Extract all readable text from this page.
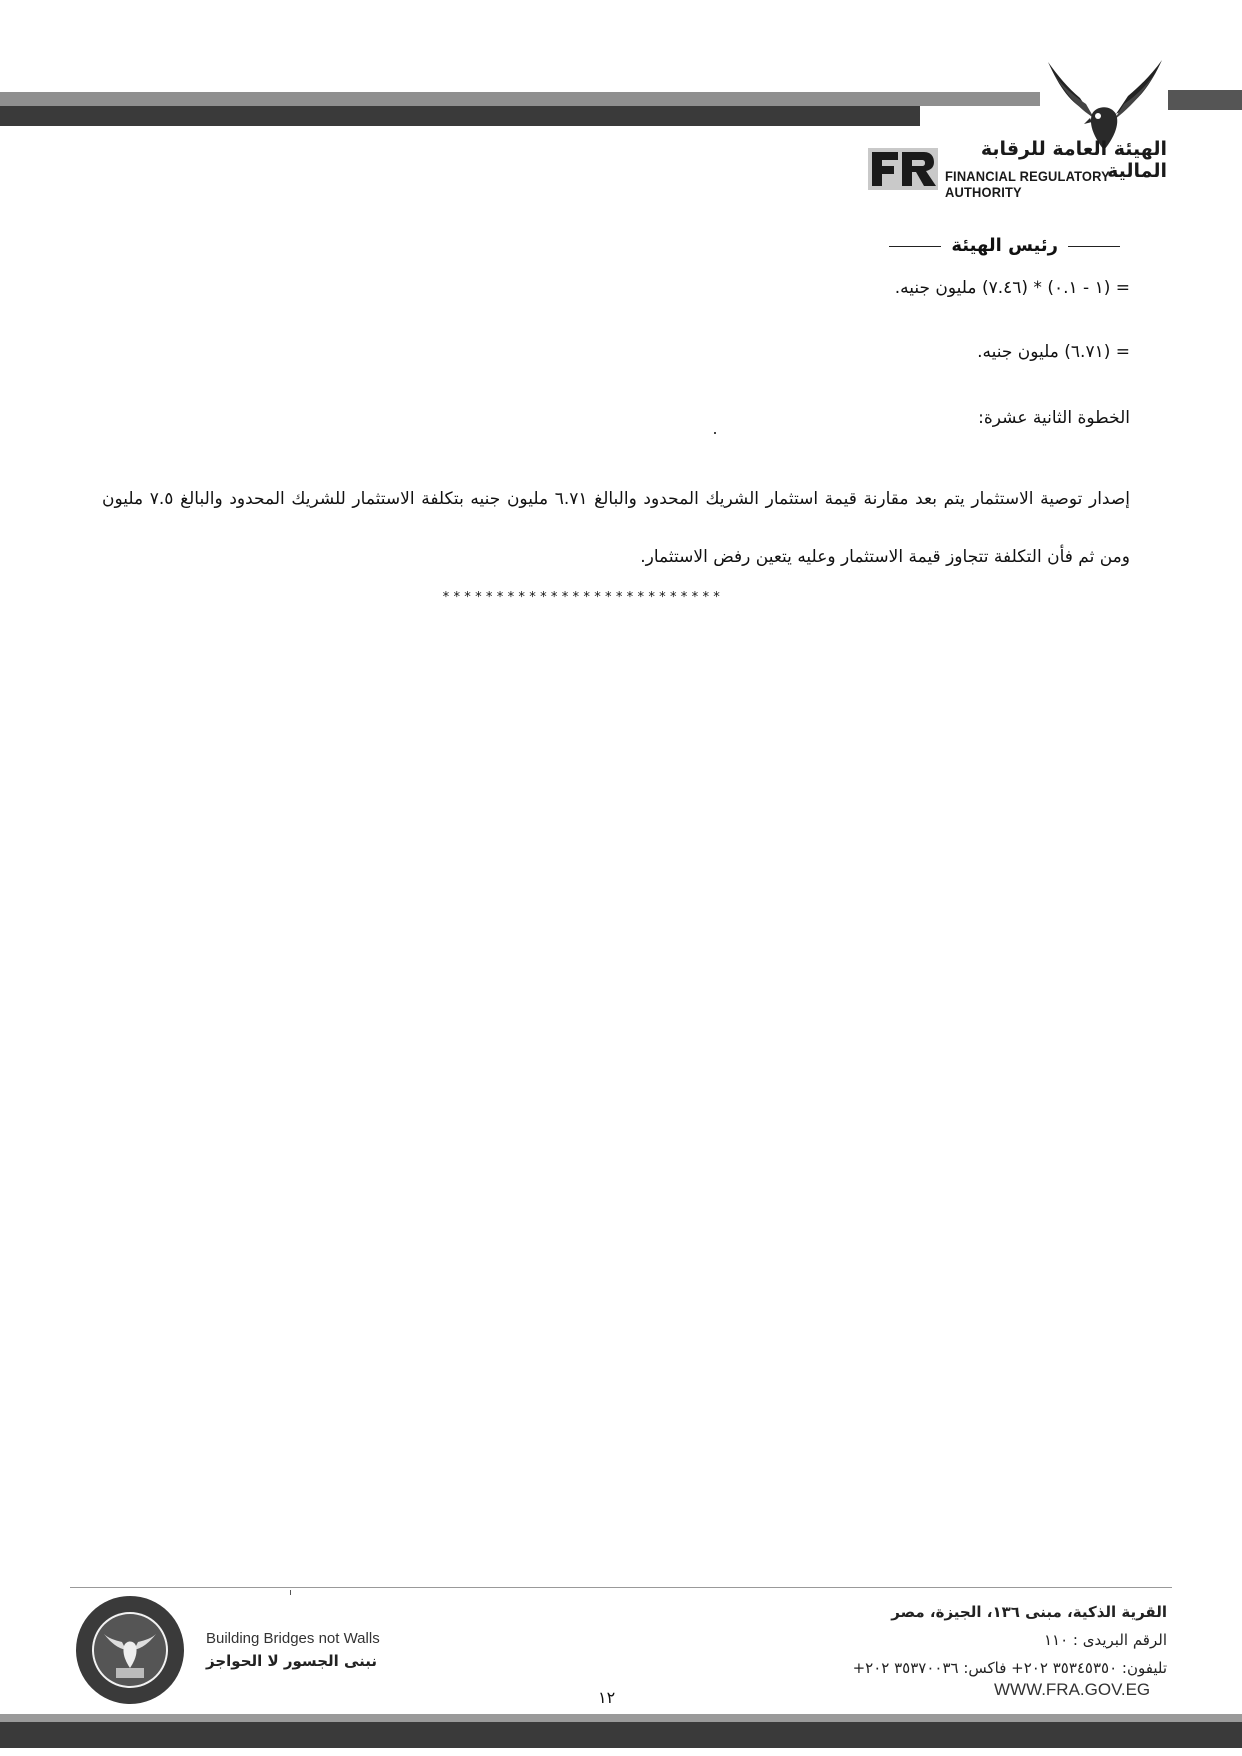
الهيئة العامة للرقابة المالية
FINANCIAL REGULATORY AUTHORITY
رئيس الهيئة
= (١ - ٠.١) * (٧.٤٦) مليون جنيه.
= (٦.٧١) مليون جنيه.
الخطوة الثانية عشرة:
إصدار توصية الاستثمار يتم بعد مقارنة قيمة استثمار الشريك المحدود والبالغ ٦.٧١ مليون جنيه بتكلفة الاستثمار للشريك المحدود والبالغ ٧.٥ مليون ومن ثم فأن التكلفة تتجاوز قيمة الاستثمار وعليه يتعين رفض الاستثمار.
**************************
Building Bridges not Walls
نبنى الجسور لا الحواجز
١٢
القرية الذكية، مبنى ١٣٦، الجيزة، مصر
الرقم البريدى : ١١٠
تليفون: ٣٥٣٤٥٣٥٠ ٢٠٢+ فاكس: ٣٥٣٧٠٠٣٦ ٢٠٢+
WWW.FRA.GOV.EG
